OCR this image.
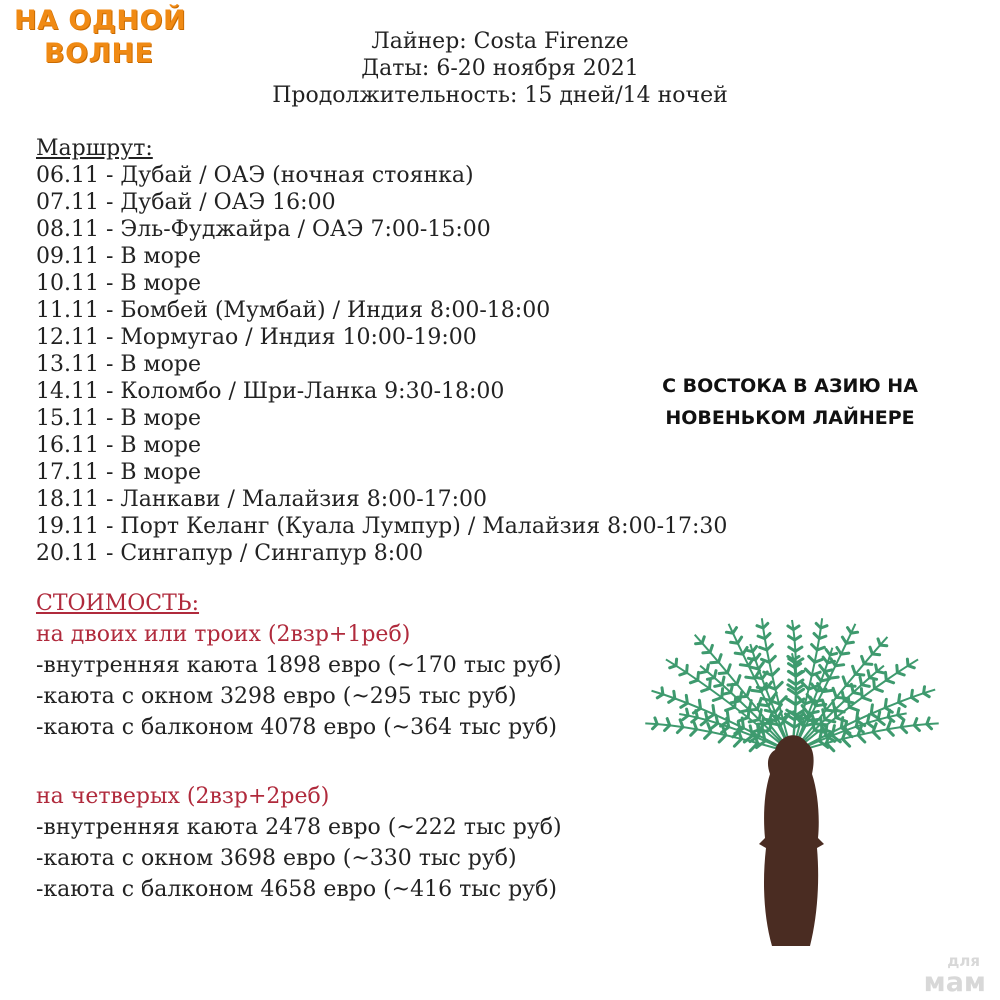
НА ОДНОЙ
ВОЛНЕ	Лайнер: Costa Firenze
Даты: 6-20 ноября 2021
Продолжительность: 15 дней/14 ночей
Маршрут:
06.11 - Дубай / ОАЭ (ночная стоянка)
07.11 - Дубай / ОАЭ 16:00
08.11 - Эль-Фуджайра / ОАЭ 7:00-15:00
09.11 - В море
10.11 - В море
11.11 - Бомбей (Мумбай) / Индия 8:00-18:00
12.11 - Мормугао / Индия 10:00-19:00
13.11 - В море
14.11 - Коломбо / Шри-Ланка 9:30-18:00
15.11 - В море
16.11 - В море
17.11 - В море
18.11 - Ланкави / Малайзия 8:00-17:00
19.11 - Порт Келанг (Куала Лумпур) / Малайзия 8:00-17:30
20.11 - Сингапур / Сингапур 8:00
С ВОСТОКА В АЗИЮ НА
НОВЕНЬКОМ ЛАЙНЕРЕ
СТОИМОСТЬ:
на двоих или троих (2взр+1реб)
-внутренняя каюта 1898 евро (~170 тыс руб)
-каюта с окном 3298 евро (~295 тыс руб)
-каюта с балконом 4078 евро (~364 тыс руб)
на четверых (2взр+2реб)
-внутренняя каюта 2478 евро (~222 тыс руб)
-каюта с окном 3698 евро (~330 тыс руб)
-каюта с балконом 4658 евро (~416 тыс руб)
для
мам
